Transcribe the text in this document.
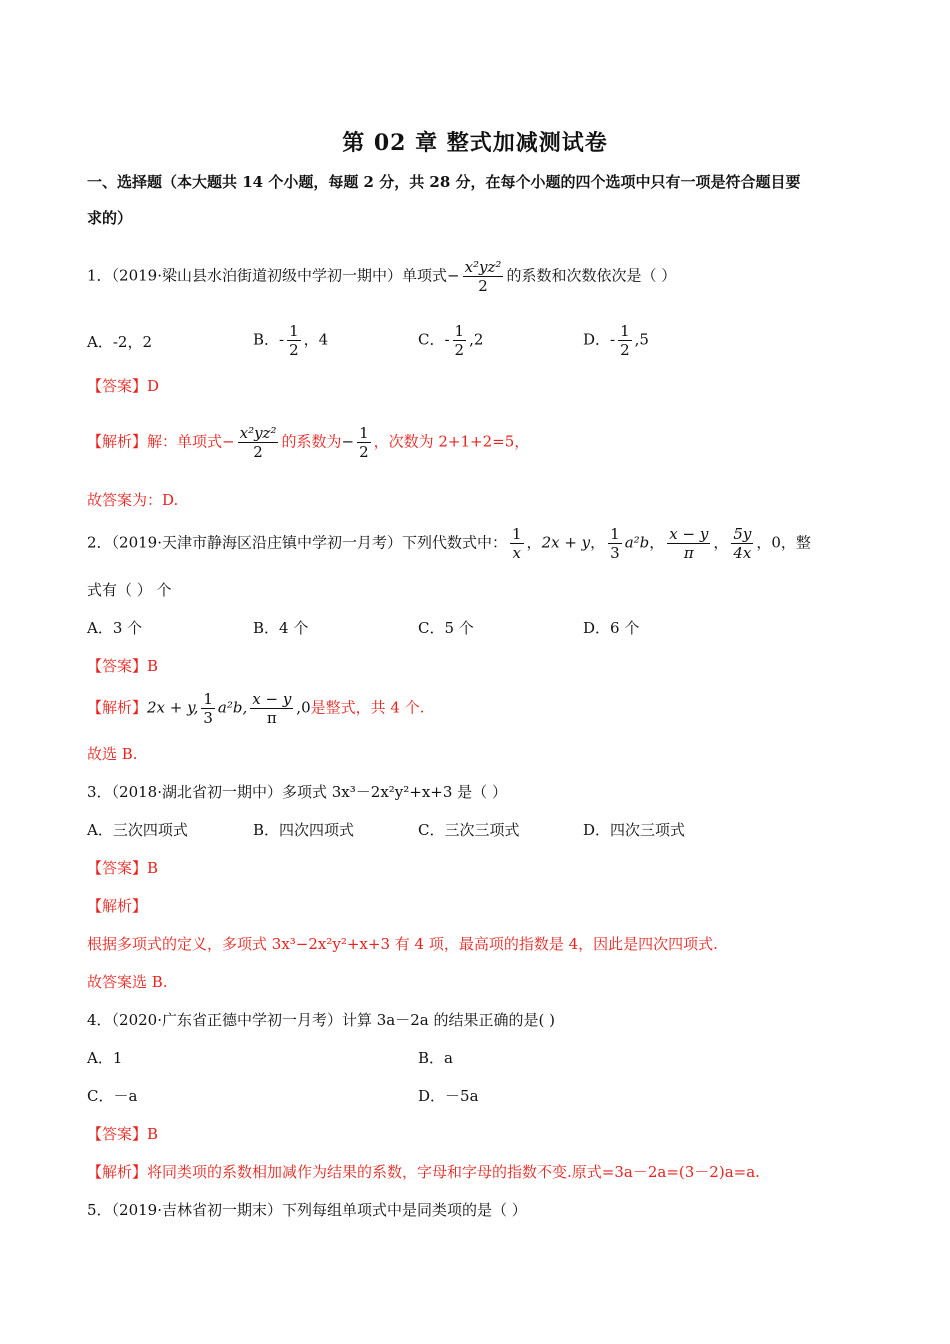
第 02 章 整式加减测试卷
一、选择题（本大题共 14 个小题，每题 2 分，共 28 分，在每个小题的四个选项中只有一项是符合题目要
求的）
1．（2019·梁山县水泊街道初级中学初一期中）单项式− $\frac{\text{x²yz²}}{2}$ 的系数和次数依次是（ ）
A．-2，2	B．- $\frac{1}{2}$ ，4	C．- $\frac{1}{2} ,2$	D．- $\frac{1}{2} ,5$
【答案】D
【解析】解：单项式− $\frac{\text{x²yz²}}{2}$ 的系数为− $\frac{1}{2}$ ，次数为 2+1+2=5，
故答案为：D.
2．（2019·天津市静海区沿庄镇中学初一月考）下列代数式中： $\frac{1}{x}$ ，2x + y， $\frac{1}{3} a^2b$， $\frac{x - y}{\pi}$ ， $\frac{5y}{4x}$ ，0，整
式有（ ） 个
A．3 个	B．4 个	C．5 个	D．6 个
【答案】B
【解析】2x + y, $\frac{1}{3} a^2b$, $\frac{x - y}{\pi} ,0$是整式，共 4 个.
故选 B.
3．（2018·湖北省初一期中）多项式 3x³－2x²y²+x+3 是（ ）
A．三次四项式	B．四次四项式	C．三次三项式	D．四次三项式
【答案】B
【解析】
根据多项式的定义，多项式 3x³−2x²y²+x+3 有 4 项，最高项的指数是 4，因此是四次四项式.
故答案选 B.
4．（2020·广东省正德中学初一月考）计算 3a－2a 的结果正确的是( )
A．1	B．a
C．－a	D．－5a
【答案】B
【解析】将同类项的系数相加减作为结果的系数，字母和字母的指数不变.原式=3a－2a=(3－2)a=a.
5．（2019·吉林省初一期末）下列每组单项式中是同类项的是（ ）
